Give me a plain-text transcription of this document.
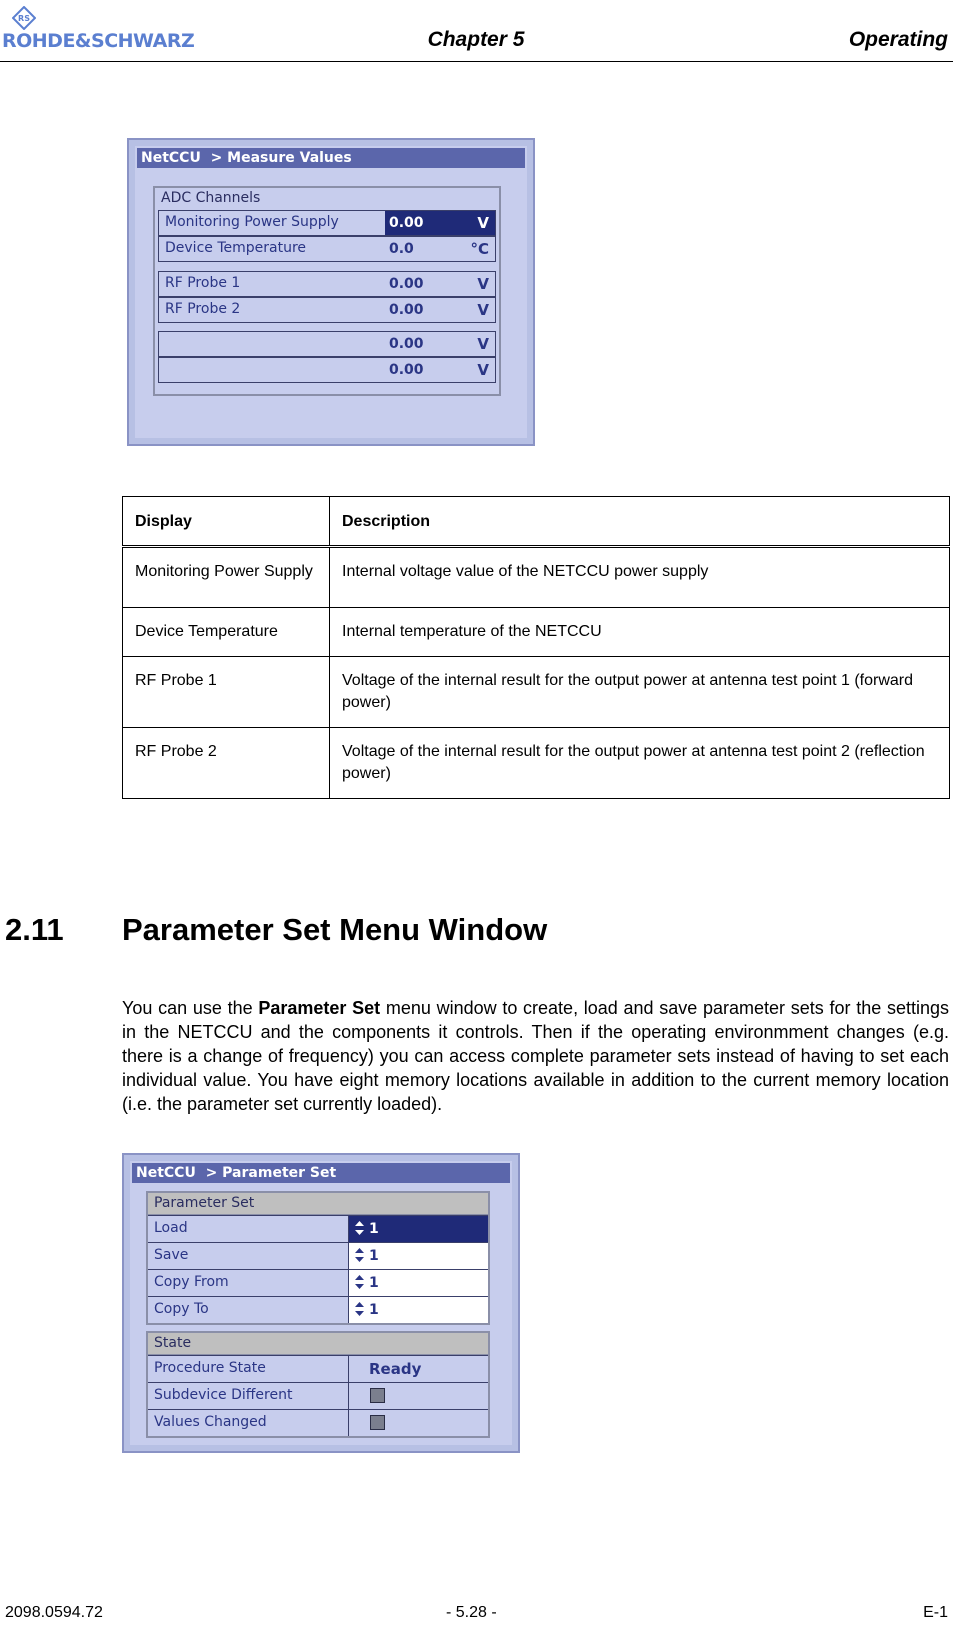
RS
ROHDE&SCHWARZ	Chapter 5	Operating
NetCCU  > Measure Values
ADC Channels
Monitoring Power Supply	0.00	V
Device Temperature	0.0	°C
RF Probe 1	0.00	V
RF Probe 2	0.00	V
0.00	V
0.00	V
Display	Description
Monitoring Power Supply	Internal voltage value of the NETCCU power supply
Device Temperature	Internal temperature of the NETCCU
RF Probe 1	Voltage of the internal result for the output power at antenna test point 1 (forward power)
RF Probe 2	Voltage of the internal result for the output power at antenna test point 2 (reflection power)
2.11 Parameter Set Menu Window
You can use the Parameter Set menu window to create, load and save parameter sets for the settings in the NETCCU and the components it controls. Then if the operating environmment changes (e.g. there is a change of frequency) you can access complete parameter sets instead of having to set each individual value. You have eight memory locations available in addition to the current memory location (i.e. the parameter set currently loaded).
NetCCU  > Parameter Set
Parameter Set
Load	1
Save	1
Copy From	1
Copy To	1
State
Procedure State	Ready
Subdevice Different
Values Changed
2098.0594.72	- 5.28 -	E-1
